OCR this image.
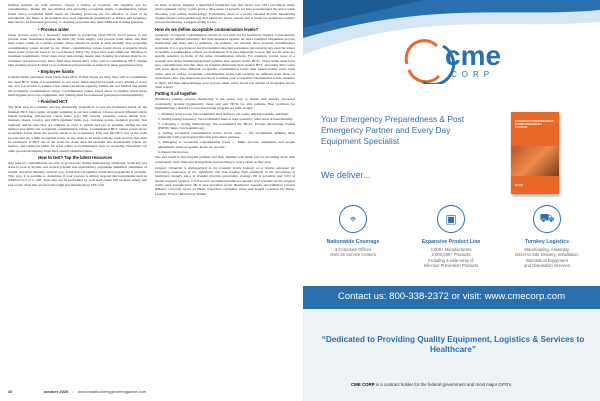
holding stations. As with surfaces, choose a variety of locations and regularly test for contamination. Define the test method and allowable acceptable limits. Contamination values found above acceptable limits mean air cleaning protocols are not effective or need to be reevaluated. Air filters or air handlers may need adjustment (equipment) or airflow and frequency may need to be increased (process); or cleaning personnel may need additional training (people).

• Process water

Clean process water is a necessary ingredient in producing clean HCTs. Good places to test process water cleanliness include the main city water supply, cold process water tanks, and final rinse water comes in a tunnel washer. Water should be tested at least monthly and acceptable contamination values should be set. Water contamination values found above acceptable levels mean water protocols need to be re-evaluated. Dirty city water may need additional filtration or treatment (equipment). Dirty clean water tank storage means tank cleaning procedures must be re-evaluated (people/process). Dirty final rinse means dirty water will re-contaminate HCT. Tunnel tank cleaning protocols must be re-evaluated and personnel re-trained on these (people/process).

• Employee hands

Laundry-finish personnel often touch clean HCT. If their hands are dirty, they will re-contaminate the clean HCT. While it is unrealistic to test every finish employee's hands every minute of every day, it is a good idea to sample a few employee hands regularly. Define the test method and define the acceptable contamination values. Contamination values found above acceptable levels mean hand hygiene protocols, equipment, and training must be reassessed (people/process/equipment).

• Finished HCT

The final step in a laundry process monitoring program is to test the bioburden levels on the finished HCT. Once again, strategic sampling is our best solution. Choose several different textile blends including 100-percent cotton items (e.g., OR towels), polyester cotton blends (e.g., blankets, sheets, towels), and 100% synthetic items (e.g., isolation gowns, isolation gowns). Test regularly and be sure they are sampled as close to patient end use as possible. Define the test method and define the acceptable contamination values. Contaminated HCT values found above acceptable levels mean the process needs to be re-assessed. First test the HCT end of the wash process that are within acceptable levels. If not, there is an issue with the wash process that must be addressed. If HCT out of the wash are clean, then the problem lies downstream. Check air, surface, and employee hands for areas where re-contamination may be occurring. Hopefully, our other process monitoring steps have already identified these.

How to test? Tap the latest resources

Any tests for contamination are only as good as the testing methodology employed. Some key test areas to look at include test accuracy/detail, test repeatability, organisms identified, timeliness of results, test labor intensity, and test cost. A test that can identify actual microorganisms is a benefit. That way, it is possible to determine if your process is killing targeted microorganisms such as SARS-CoV-2 or C. diff. Tests that can be performed by your staff onsite will be more timely and less costly. Tests that are more thorough and identify more CFU will

be more accurate. Imagine a superficial bioburden test that shows low CFU but misses many microorganism colony counts gives a false sense of security for sure to understand the above when choosing your testing methodology. Fortunately, there is a newly released Process Monitoring Toolkit (https://www.pmtkit.org) that meets the above criteria and is made for healthcare laundry process monitoring. I suggest giving it a try.

How do we define acceptable contamination levels?

Generally, acceptable contamination criteria do not exist yet for healthcare laundry. Consequently, they must be defined internally and then measured against. As more laundries implement process monitoring and more data is gathered, our industry can develop more accurate contamination standards. It is a good idea to involve hospital infection prevention personnel in any exercise where acceptable contamination criteria are determined. It is also important to note that not all areas are equally sensitive in terms of the same contamination criteria. For example, certain areas of a hospital that house immunosuppressed patients may require sterile HCTs. These items must have zero contamination and thus must be handled differently than normal HCT. Incoming dirty water will most likely have different acceptable contamination levels than tunnel-washer press bank water. And of course, acceptable contamination levels will certainly be different from those on clean linen carts. The important practice is to define your acceptable contamination levels, measure to them, and then adjust/manage your process when actual levels fall outside of acceptable levels. Then repeat!

Putting it all together

Healthcare laundry process monitoring is the surest way to ensure that laundry processes consistently provide hygienically clean and safe HCTs for sick patients. Best practices for implementing a laundry process monitoring program are built around:

1. Defining areas to test. We recommend hard surfaces, air, water, employee hands, and linen.
2. Setting testing frequency. We recommend linen at least quarterly; other areas at least monthly.
3. Choosing a testing methodology. We recommend the HLAC Process Monitoring Toolkit (PMTK: https://www.pmtkit.org)
4. Setting acceptable contamination levels across areas — We recommend defining these internally with your hospital infection prevention partners.
5. Managing to acceptable contamination levels — Make process, equipment, and people adjustments when acceptable levels are not met.
6. Repeat the process.

The end result is that hospital patients and their families will thank you for providing them with consistently clean linen and giving them one less thing to worry about as they heal.

Gregory Gilmartin is distinguished in the reusable textile industry as a tireless advocate for increasing awareness of the significant role that lending high standards in the processing of healthcare laundry plays in broader infection prevention strategy. He is president and CEO of Textile Surgical Systems, a full-service accredited healthcare laundry and reusable sterile surgical textile pack manufacturer. He is past president of the Healthcare Laundry Accreditation Council (HLAC), currently serves as HLAC inspection committee chair, and helped co-author the HLAC Laundry Process Monitoring Toolkit.

40	october 2020 • www.healthcarehygienemagazine.com
cme
CORP
Your Emergency Preparedness & Post Emergency Partner and Every Day Equipment Specialist
EMERGENCY PREPAREDNESS & POST EMERGENCY CATALOG
cme
We deliver...
⌖
Nationwide Coverage
3 Corporate Offices
Over 30 Service Centers
▣
Expansive Product Line
2,000+ Manufacturers
2,000,000+ Products
including a wide array of
Infection Prevention Products
⛟
Turnkey Logistics
Warehousing, Assembly,
Direct-to-Site Delivery, Installation,
Biomedical Equipment
and Disposition Services
Contact us: 800-338-2372 or visit: www.cmecorp.com
“Dedicated to Providing Quality Equipment, Logistics & Services to Healthcare”
CME CORP is a contract holder for the federal government and most major GPO's.
